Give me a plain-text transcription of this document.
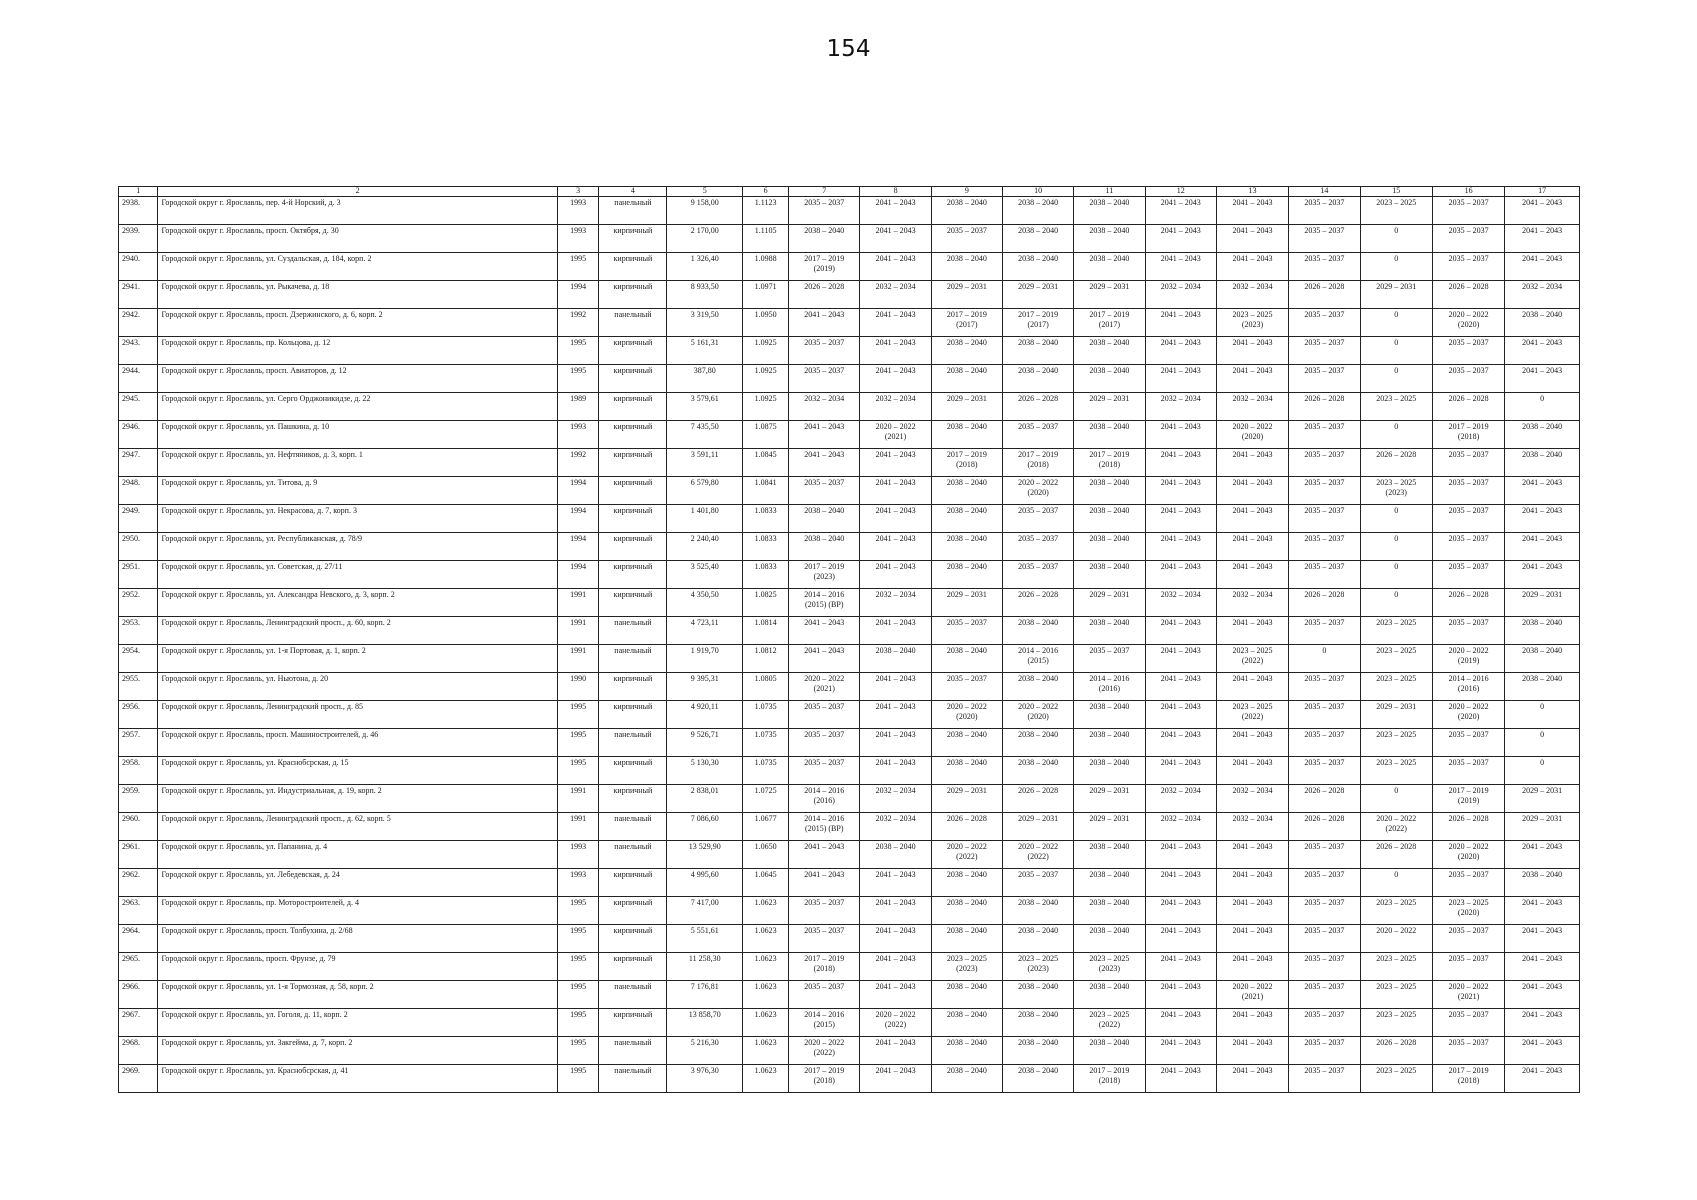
154
1	2	3	4	5	6	7	8	9	10	11	12	13	14	15	16	17
2938.	Городской округ г. Ярославль, пер. 4-й Норский, д. 3	1993	панельный	9 158,00	1.1123	2035 – 2037	2041 – 2043	2038 – 2040	2038 – 2040	2038 – 2040	2041 – 2043	2041 – 2043	2035 – 2037	2023 – 2025	2035 – 2037	2041 – 2043
2939.	Городской округ г. Ярославль, просп. Октября, д. 30	1993	кирпичный	2 170,00	1.1105	2038 – 2040	2041 – 2043	2035 – 2037	2038 – 2040	2038 – 2040	2041 – 2043	2041 – 2043	2035 – 2037	0	2035 – 2037	2041 – 2043
2940.	Городской округ г. Ярославль, ул. Суздальская, д. 184, корп. 2	1995	кирпичный	1 326,40	1.0988	2017 – 2019
(2019)	2041 – 2043	2038 – 2040	2038 – 2040	2038 – 2040	2041 – 2043	2041 – 2043	2035 – 2037	0	2035 – 2037	2041 – 2043
2941.	Городской округ г. Ярославль, ул. Рыкачева, д. 18	1994	кирпичный	8 933,50	1.0971	2026 – 2028	2032 – 2034	2029 – 2031	2029 – 2031	2029 – 2031	2032 – 2034	2032 – 2034	2026 – 2028	2029 – 2031	2026 – 2028	2032 – 2034
2942.	Городской округ г. Ярославль, просп. Дзержинского, д. 6, корп. 2	1992	панельный	3 319,50	1.0950	2041 – 2043	2041 – 2043	2017 – 2019
(2017)	2017 – 2019
(2017)	2017 – 2019
(2017)	2041 – 2043	2023 – 2025
(2023)	2035 – 2037	0	2020 – 2022
(2020)	2038 – 2040
2943.	Городской округ г. Ярославль, пр. Кольцова, д. 12	1995	кирпичный	5 161,31	1.0925	2035 – 2037	2041 – 2043	2038 – 2040	2038 – 2040	2038 – 2040	2041 – 2043	2041 – 2043	2035 – 2037	0	2035 – 2037	2041 – 2043
2944.	Городской округ г. Ярославль, просп. Авиаторов, д. 12	1995	кирпичный	387,80	1.0925	2035 – 2037	2041 – 2043	2038 – 2040	2038 – 2040	2038 – 2040	2041 – 2043	2041 – 2043	2035 – 2037	0	2035 – 2037	2041 – 2043
2945.	Городской округ г. Ярославль, ул. Серго Орджоникидзе, д. 22	1989	кирпичный	3 579,61	1.0925	2032 – 2034	2032 – 2034	2029 – 2031	2026 – 2028	2029 – 2031	2032 – 2034	2032 – 2034	2026 – 2028	2023 – 2025	2026 – 2028	0
2946.	Городской округ г. Ярославль, ул. Пашкина, д. 10	1993	кирпичный	7 435,50	1.0875	2041 – 2043	2020 – 2022
(2021)	2038 – 2040	2035 – 2037	2038 – 2040	2041 – 2043	2020 – 2022
(2020)	2035 – 2037	0	2017 – 2019
(2018)	2038 – 2040
2947.	Городской округ г. Ярославль, ул. Нефтяников, д. 3, корп. 1	1992	кирпичный	3 591,11	1.0845	2041 – 2043	2041 – 2043	2017 – 2019
(2018)	2017 – 2019
(2018)	2017 – 2019
(2018)	2041 – 2043	2041 – 2043	2035 – 2037	2026 – 2028	2035 – 2037	2038 – 2040
2948.	Городской округ г. Ярославль, ул. Титова, д. 9	1994	кирпичный	6 579,80	1.0841	2035 – 2037	2041 – 2043	2038 – 2040	2020 – 2022
(2020)	2038 – 2040	2041 – 2043	2041 – 2043	2035 – 2037	2023 – 2025
(2023)	2035 – 2037	2041 – 2043
2949.	Городской округ г. Ярославль, ул. Некрасова, д. 7, корп. 3	1994	кирпичный	1 401,80	1.0833	2038 – 2040	2041 – 2043	2038 – 2040	2035 – 2037	2038 – 2040	2041 – 2043	2041 – 2043	2035 – 2037	0	2035 – 2037	2041 – 2043
2950.	Городской округ г. Ярославль, ул. Республиканская, д. 78/9	1994	кирпичный	2 240,40	1.0833	2038 – 2040	2041 – 2043	2038 – 2040	2035 – 2037	2038 – 2040	2041 – 2043	2041 – 2043	2035 – 2037	0	2035 – 2037	2041 – 2043
2951.	Городской округ г. Ярославль, ул. Советская, д. 27/11	1994	кирпичный	3 525,40	1.0833	2017 – 2019
(2023)	2041 – 2043	2038 – 2040	2035 – 2037	2038 – 2040	2041 – 2043	2041 – 2043	2035 – 2037	0	2035 – 2037	2041 – 2043
2952.	Городской округ г. Ярославль, ул. Александра Невского, д. 3, корп. 2	1991	кирпичный	4 350,50	1.0825	2014 – 2016
(2015) (ВР)	2032 – 2034	2029 – 2031	2026 – 2028	2029 – 2031	2032 – 2034	2032 – 2034	2026 – 2028	0	2026 – 2028	2029 – 2031
2953.	Городской округ г. Ярославль, Ленинградский просп., д. 60, корп. 2	1991	панельный	4 723,11	1.0814	2041 – 2043	2041 – 2043	2035 – 2037	2038 – 2040	2038 – 2040	2041 – 2043	2041 – 2043	2035 – 2037	2023 – 2025	2035 – 2037	2038 – 2040
2954.	Городской округ г. Ярославль, ул. 1-я Портовая, д. 1, корп. 2	1991	панельный	1 919,70	1.0812	2041 – 2043	2038 – 2040	2038 – 2040	2014 – 2016
(2015)	2035 – 2037	2041 – 2043	2023 – 2025
(2022)	0	2023 – 2025	2020 – 2022
(2019)	2038 – 2040
2955.	Городской округ г. Ярославль, ул. Ньютона, д. 20	1990	кирпичный	9 395,31	1.0805	2020 – 2022
(2021)	2041 – 2043	2035 – 2037	2038 – 2040	2014 – 2016
(2016)	2041 – 2043	2041 – 2043	2035 – 2037	2023 – 2025	2014 – 2016
(2016)	2038 – 2040
2956.	Городской округ г. Ярославль, Ленинградский просп., д. 85	1995	кирпичный	4 920,11	1.0735	2035 – 2037	2041 – 2043	2020 – 2022
(2020)	2020 – 2022
(2020)	2038 – 2040	2041 – 2043	2023 – 2025
(2022)	2035 – 2037	2029 – 2031	2020 – 2022
(2020)	0
2957.	Городской округ г. Ярославль, просп. Машиностроителей, д. 46	1995	панельный	9 526,71	1.0735	2035 – 2037	2041 – 2043	2038 – 2040	2038 – 2040	2038 – 2040	2041 – 2043	2041 – 2043	2035 – 2037	2023 – 2025	2035 – 2037	0
2958.	Городской округ г. Ярославль, ул. Краснобсрская, д. 15	1995	кирпичный	5 130,30	1.0735	2035 – 2037	2041 – 2043	2038 – 2040	2038 – 2040	2038 – 2040	2041 – 2043	2041 – 2043	2035 – 2037	2023 – 2025	2035 – 2037	0
2959.	Городской округ г. Ярославль, ул. Индустриальная, д. 19, корп. 2	1991	кирпичный	2 838,01	1.0725	2014 – 2016
(2016)	2032 – 2034	2029 – 2031	2026 – 2028	2029 – 2031	2032 – 2034	2032 – 2034	2026 – 2028	0	2017 – 2019
(2019)	2029 – 2031
2960.	Городской округ г. Ярославль, Ленинградский просп., д. 62, корп. 5	1991	панельный	7 086,60	1.0677	2014 – 2016
(2015) (ВР)	2032 – 2034	2026 – 2028	2029 – 2031	2029 – 2031	2032 – 2034	2032 – 2034	2026 – 2028	2020 – 2022
(2022)	2026 – 2028	2029 – 2031
2961.	Городской округ г. Ярославль, ул. Папанина, д. 4	1993	панельный	13 529,90	1.0650	2041 – 2043	2038 – 2040	2020 – 2022
(2022)	2020 – 2022
(2022)	2038 – 2040	2041 – 2043	2041 – 2043	2035 – 2037	2026 – 2028	2020 – 2022
(2020)	2041 – 2043
2962.	Городской округ г. Ярославль, ул. Лебедевская, д. 24	1993	кирпичный	4 995,60	1.0645	2041 – 2043	2041 – 2043	2038 – 2040	2035 – 2037	2038 – 2040	2041 – 2043	2041 – 2043	2035 – 2037	0	2035 – 2037	2038 – 2040
2963.	Городской округ г. Ярославль, пр. Моторостроителей, д. 4	1995	кирпичный	7 417,00	1.0623	2035 – 2037	2041 – 2043	2038 – 2040	2038 – 2040	2038 – 2040	2041 – 2043	2041 – 2043	2035 – 2037	2023 – 2025	2023 – 2025
(2020)	2041 – 2043
2964.	Городской округ г. Ярославль, просп. Толбухина, д. 2/68	1995	кирпичный	5 551,61	1.0623	2035 – 2037	2041 – 2043	2038 – 2040	2038 – 2040	2038 – 2040	2041 – 2043	2041 – 2043	2035 – 2037	2020 – 2022	2035 – 2037	2041 – 2043
2965.	Городской округ г. Ярославль, просп. Фрунзе, д. 79	1995	кирпичный	11 258,30	1.0623	2017 – 2019
(2018)	2041 – 2043	2023 – 2025
(2023)	2023 – 2025
(2023)	2023 – 2025
(2023)	2041 – 2043	2041 – 2043	2035 – 2037	2023 – 2025	2035 – 2037	2041 – 2043
2966.	Городской округ г. Ярославль, ул. 1-я Тормозная, д. 58, корп. 2	1995	панельный	7 176,81	1.0623	2035 – 2037	2041 – 2043	2038 – 2040	2038 – 2040	2038 – 2040	2041 – 2043	2020 – 2022
(2021)	2035 – 2037	2023 – 2025	2020 – 2022
(2021)	2041 – 2043
2967.	Городской округ г. Ярославль, ул. Гоголя, д. 11, корп. 2	1995	кирпичный	13 858,70	1.0623	2014 – 2016
(2015)	2020 – 2022
(2022)	2038 – 2040	2038 – 2040	2023 – 2025
(2022)	2041 – 2043	2041 – 2043	2035 – 2037	2023 – 2025	2035 – 2037	2041 – 2043
2968.	Городской округ г. Ярославль, ул. Закгейма, д. 7, корп. 2	1995	панельный	5 216,30	1.0623	2020 – 2022
(2022)	2041 – 2043	2038 – 2040	2038 – 2040	2038 – 2040	2041 – 2043	2041 – 2043	2035 – 2037	2026 – 2028	2035 – 2037	2041 – 2043
2969.	Городской округ г. Ярославль, ул. Краснобсрская, д. 41	1995	панельный	3 976,30	1.0623	2017 – 2019
(2018)	2041 – 2043	2038 – 2040	2038 – 2040	2017 – 2019
(2018)	2041 – 2043	2041 – 2043	2035 – 2037	2023 – 2025	2017 – 2019
(2018)	2041 – 2043
